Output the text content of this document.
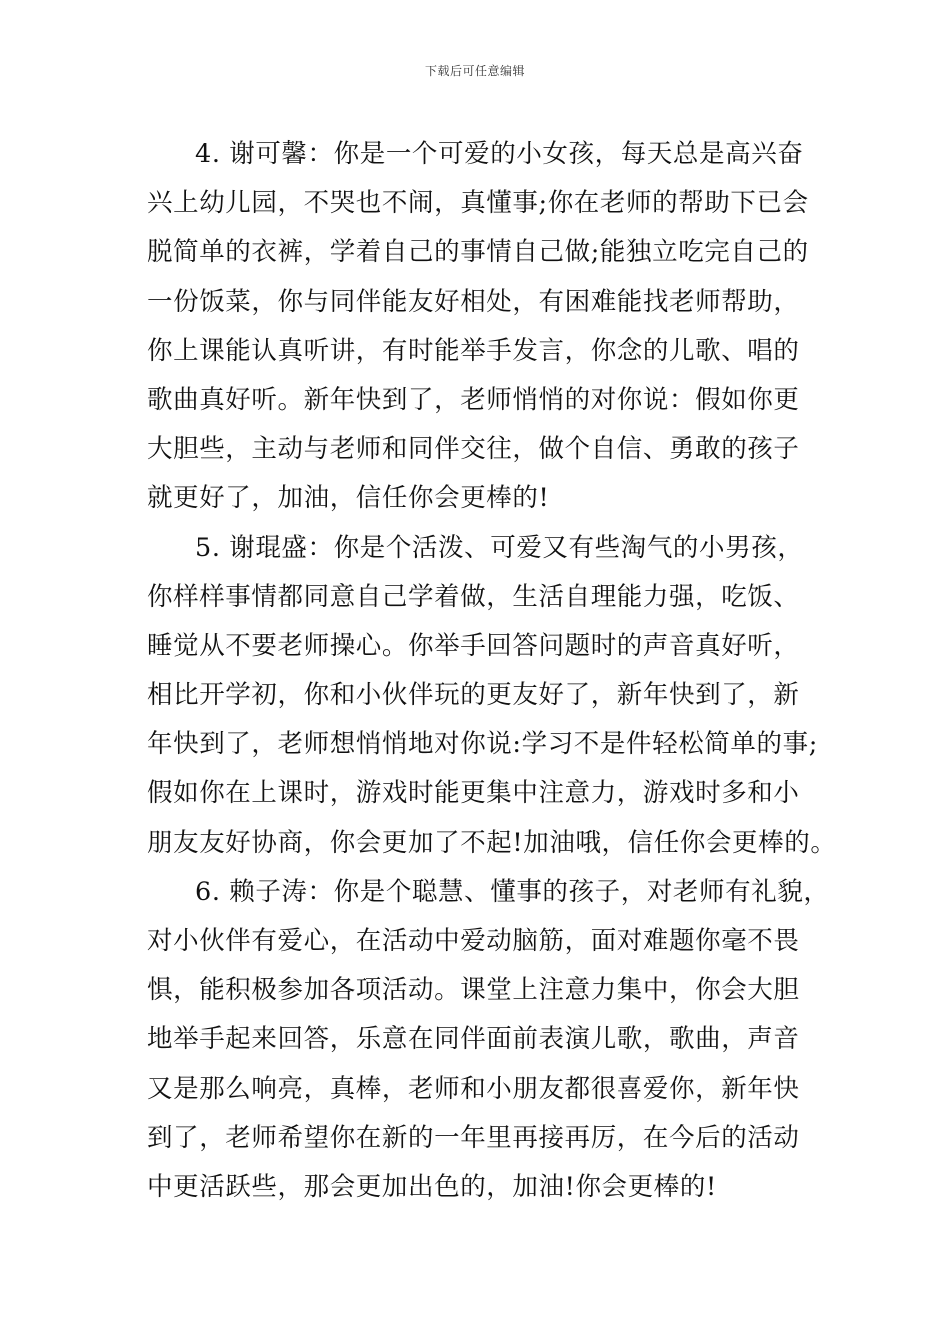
下载后可任意编辑
4. 谢可馨：你是一个可爱的小女孩，每天总是高兴奋
兴上幼儿园，不哭也不闹，真懂事;你在老师的帮助下已会
脱简单的衣裤，学着自己的事情自己做;能独立吃完自己的
一份饭菜，你与同伴能友好相处，有困难能找老师帮助，
你上课能认真听讲，有时能举手发言，你念的儿歌、唱的
歌曲真好听。新年快到了，老师悄悄的对你说：假如你更
大胆些，主动与老师和同伴交往，做个自信、勇敢的孩子
就更好了，加油，信任你会更棒的!
5. 谢琨盛：你是个活泼、可爱又有些淘气的小男孩，
你样样事情都同意自己学着做，生活自理能力强，吃饭、
睡觉从不要老师操心。你举手回答问题时的声音真好听，
相比开学初，你和小伙伴玩的更友好了，新年快到了，新
年快到了，老师想悄悄地对你说:学习不是件轻松简单的事;
假如你在上课时，游戏时能更集中注意力，游戏时多和小
朋友友好协商，你会更加了不起!加油哦，信任你会更棒的。
6. 赖子涛：你是个聪慧、懂事的孩子，对老师有礼貌，
对小伙伴有爱心，在活动中爱动脑筋，面对难题你毫不畏
惧，能积极参加各项活动。课堂上注意力集中，你会大胆
地举手起来回答，乐意在同伴面前表演儿歌，歌曲，声音
又是那么响亮，真棒，老师和小朋友都很喜爱你，新年快
到了，老师希望你在新的一年里再接再厉，在今后的活动
中更活跃些，那会更加出色的，加油!你会更棒的!
